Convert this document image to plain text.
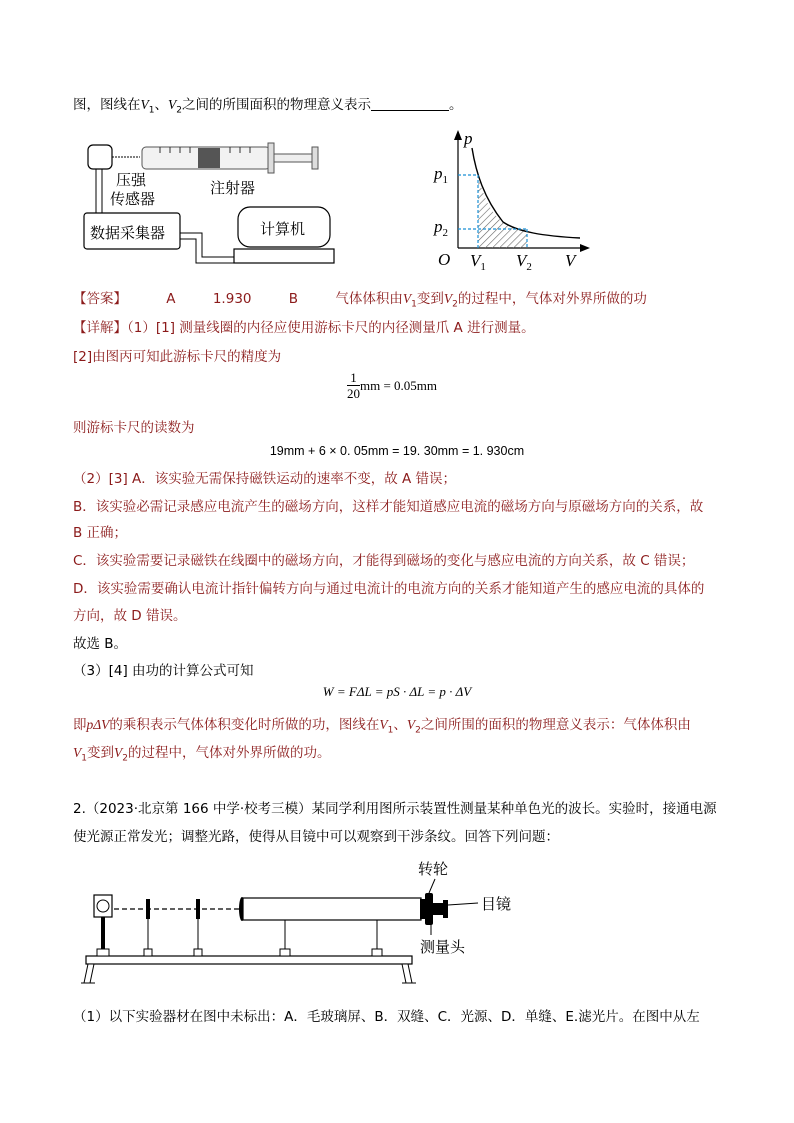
图，图线在$V_1$、$V_2$之间的所围面积的物理意义表示	。
压强
传感器
注射器
数据采集器	计算机
p
$p_1$
$p_2$
O $V_1$ $V_2$ V
【答案】	A	1.930	B	气体体积由$V_1$变到$V_2$的过程中，气体对外界所做的功
【详解】（1）[1] 测量线圈的内径应使用游标卡尺的内径测量爪 A 进行测量。
[2]由图丙可知此游标卡尺的精度为
$\frac{1}{20}$ mm = 0.05mm
则游标卡尺的读数为
19mm + 6 × 0. 05mm = 19. 30mm = 1. 930cm
（2）[3] A．该实验无需保持磁铁运动的速率不变，故 A 错误；
B．该实验必需记录感应电流产生的磁场方向，这样才能知道感应电流的磁场方向与原磁场方向的关系，故
B 正确；
C．该实验需要记录磁铁在线圈中的磁场方向，才能得到磁场的变化与感应电流的方向关系，故 C 错误；
D．该实验需要确认电流计指针偏转方向与通过电流计的电流方向的关系才能知道产生的感应电流的具体的
方向，故 D 错误。
故选 B。
（3）[4] 由功的计算公式可知
W = FΔL = pS · ΔL = p · ΔV
即pΔV的乘积表示气体体积变化时所做的功，图线在$V_1$、$V_2$之间所围的面积的物理意义表示：气体体积由
$V_1$变到$V_2$的过程中，气体对外界所做的功。
2.（2023·北京第 166 中学·校考三模）某同学利用图所示装置性测量某种单色光的波长。实验时，接通电源
使光源正常发光；调整光路，使得从目镜中可以观察到干涉条纹。回答下列问题：
转轮
目镜
测量头
（1）以下实验器材在图中未标出：A．毛玻璃屏、B．双缝、C．光源、D．单缝、E.滤光片。在图中从左
